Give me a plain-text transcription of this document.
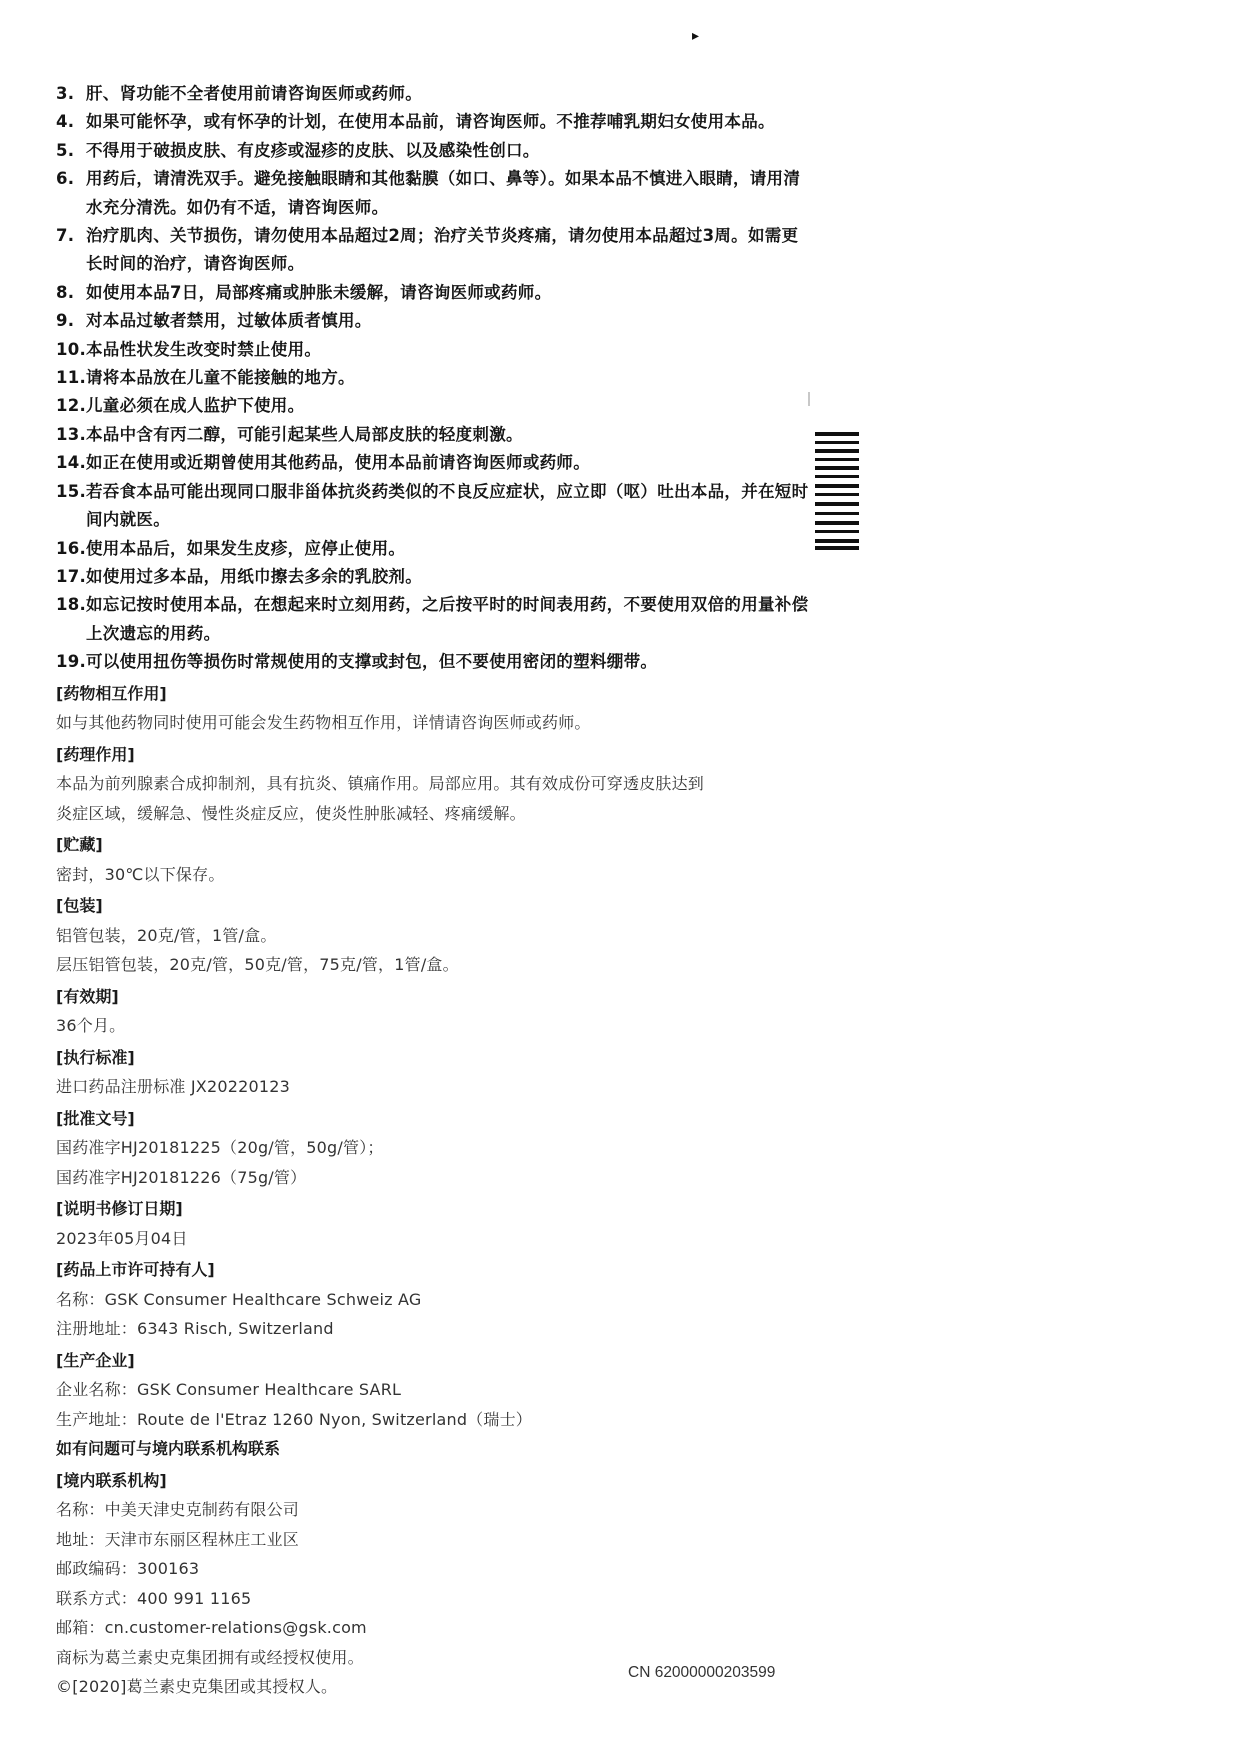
▸
3. 肝、肾功能不全者使用前请咨询医师或药师。
4. 如果可能怀孕，或有怀孕的计划，在使用本品前，请咨询医师。不推荐哺乳期妇女使用本品。
5. 不得用于破损皮肤、有皮疹或湿疹的皮肤、以及感染性创口。
6. 用药后，请清洗双手。避免接触眼睛和其他黏膜（如口、鼻等）。如果本品不慎进入眼睛，请用清水充分清洗。如仍有不适，请咨询医师。
7. 治疗肌肉、关节损伤，请勿使用本品超过2周；治疗关节炎疼痛，请勿使用本品超过3周。如需更长时间的治疗，请咨询医师。
8. 如使用本品7日，局部疼痛或肿胀未缓解，请咨询医师或药师。
9. 对本品过敏者禁用，过敏体质者慎用。
10. 本品性状发生改变时禁止使用。
11. 请将本品放在儿童不能接触的地方。
12. 儿童必须在成人监护下使用。
13. 本品中含有丙二醇，可能引起某些人局部皮肤的轻度刺激。
14. 如正在使用或近期曾使用其他药品，使用本品前请咨询医师或药师。
15. 若吞食本品可能出现同口服非甾体抗炎药类似的不良反应症状，应立即（呕）吐出本品，并在短时间内就医。
16. 使用本品后，如果发生皮疹，应停止使用。
17. 如使用过多本品，用纸巾擦去多余的乳胶剂。
18. 如忘记按时使用本品，在想起来时立刻用药，之后按平时的时间表用药，不要使用双倍的用量补偿上次遗忘的用药。
19. 可以使用扭伤等损伤时常规使用的支撑或封包，但不要使用密闭的塑料绷带。
[药物相互作用]
如与其他药物同时使用可能会发生药物相互作用，详情请咨询医师或药师。
[药理作用]
本品为前列腺素合成抑制剂，具有抗炎、镇痛作用。局部应用。其有效成份可穿透皮肤达到
炎症区域，缓解急、慢性炎症反应，使炎性肿胀减轻、疼痛缓解。
[贮藏]
密封，30℃以下保存。
[包装]
铝管包装，20克/管，1管/盒。
层压铝管包装，20克/管，50克/管，75克/管，1管/盒。
[有效期]
36个月。
[执行标准]
进口药品注册标准 JX20220123
[批准文号]
国药准字HJ20181225（20g/管，50g/管）；
国药准字HJ20181226（75g/管）
[说明书修订日期]
2023年05月04日
[药品上市许可持有人]
名称：GSK Consumer Healthcare Schweiz AG
注册地址：6343 Risch, Switzerland
[生产企业]
企业名称：GSK Consumer Healthcare SARL
生产地址：Route de l'Etraz 1260 Nyon, Switzerland（瑞士）
如有问题可与境内联系机构联系
[境内联系机构]
名称：中美天津史克制药有限公司
地址：天津市东丽区程林庄工业区
邮政编码：300163
联系方式：400 991 1165
邮箱：cn.customer-relations@gsk.com
商标为葛兰素史克集团拥有或经授权使用。
©[2020]葛兰素史克集团或其授权人。
CN 62000000203599
